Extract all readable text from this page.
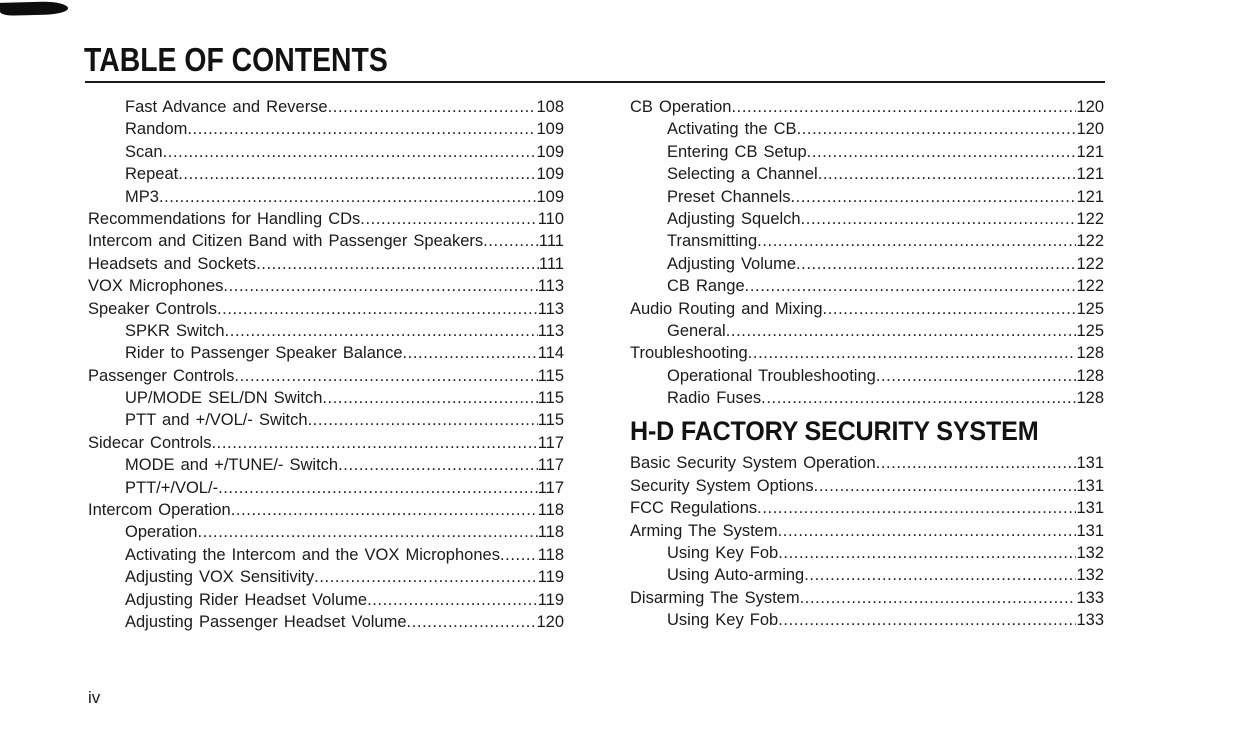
TABLE OF CONTENTS
Fast Advance and Reverse .....	108
Random .....	109
Scan .....	109
Repeat .....	109
MP3 .....	109
Recommendations for Handling CDs .....	110
Intercom and Citizen Band with Passenger Speakers .....	111
Headsets and Sockets .....	111
VOX Microphones .....	113
Speaker Controls .....	113
SPKR Switch .....	113
Rider to Passenger Speaker Balance .....	114
Passenger Controls .....	115
UP/MODE SEL/DN Switch .....	115
PTT and +/VOL/- Switch .....	115
Sidecar Controls .....	117
MODE and +/TUNE/- Switch .....	117
PTT/+/VOL/- .....	117
Intercom Operation .....	118
Operation .....	118
Activating the Intercom and the VOX Microphones ..... 118
Adjusting VOX Sensitivity .....	119
Adjusting Rider Headset Volume .....	119
Adjusting Passenger Headset Volume .....	120
CB Operation .....	120
Activating the CB .....	120
Entering CB Setup .....	121
Selecting a Channel .....	121
Preset Channels .....	121
Adjusting Squelch .....	122
Transmitting .....	122
Adjusting Volume .....	122
CB Range .....	122
Audio Routing and Mixing .....	125
General .....	125
Troubleshooting .....	128
Operational Troubleshooting .....	128
Radio Fuses .....	128
H-D FACTORY SECURITY SYSTEM
Basic Security System Operation .....	131
Security System Options .....	131
FCC Regulations .....	131
Arming The System .....	131
Using Key Fob .....	132
Using Auto-arming .....	132
Disarming The System .....	133
Using Key Fob .....	133
iv
